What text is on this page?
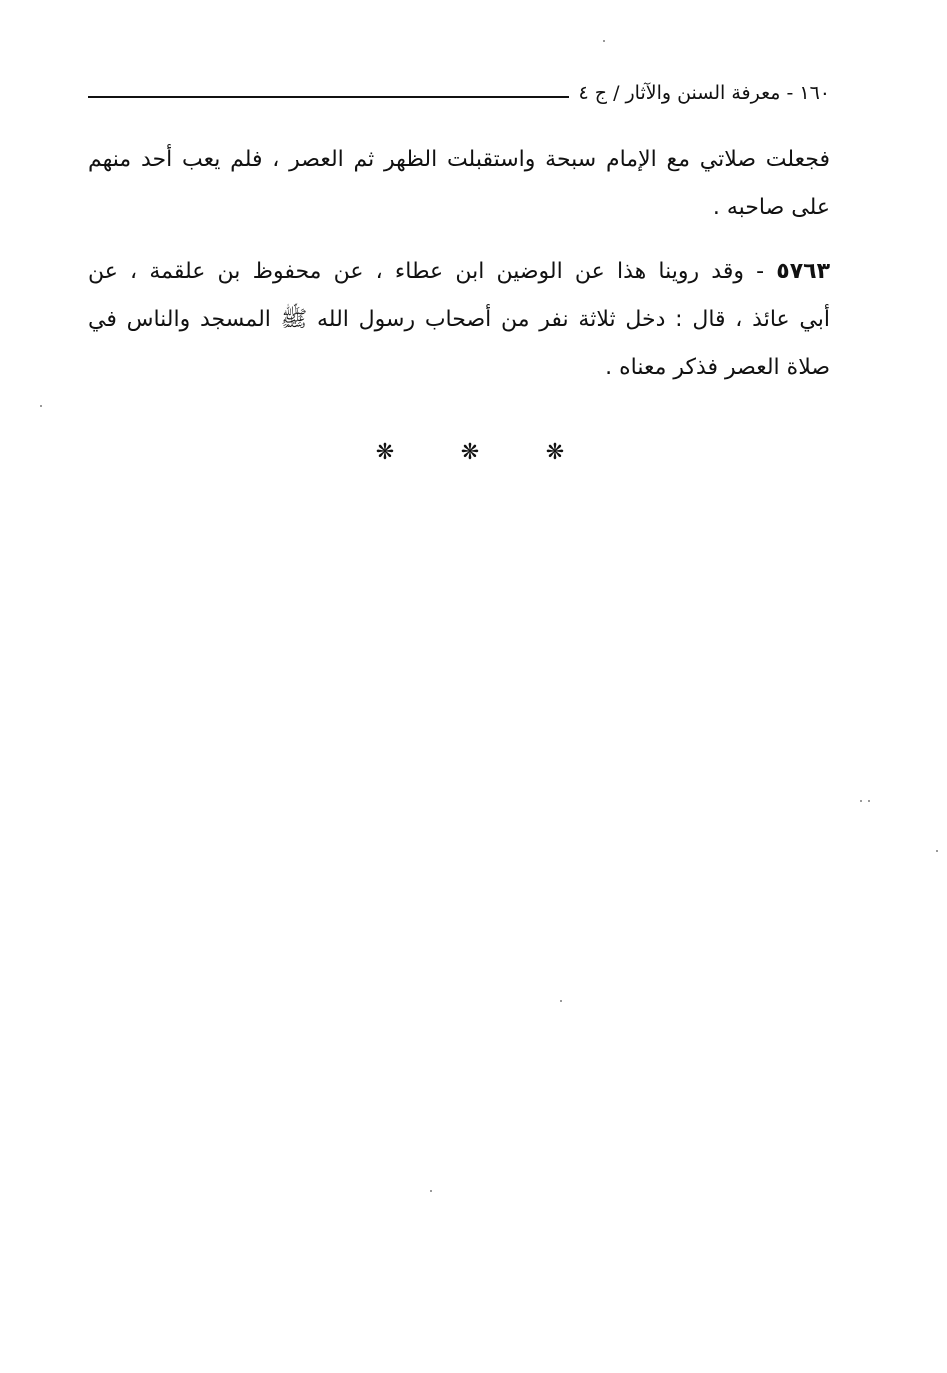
١٦٠ - معرفة السنن والآثار / ج ٤

فجعلت صلاتي مع الإمام سبحة واستقبلت الظهر ثم العصر ، فلم يعب أحد منهم
على صاحبه .

٥٧٦٣ - وقد روينا هذا عن الوضين ابن عطاء ، عن محفوظ بن علقمة ، عن
أبي عائذ ، قال : دخل ثلاثة نفر من أصحاب رسول الله ﷺ المسجد والناس في
صلاة العصر فذكر معناه .

❋	❋	❋
